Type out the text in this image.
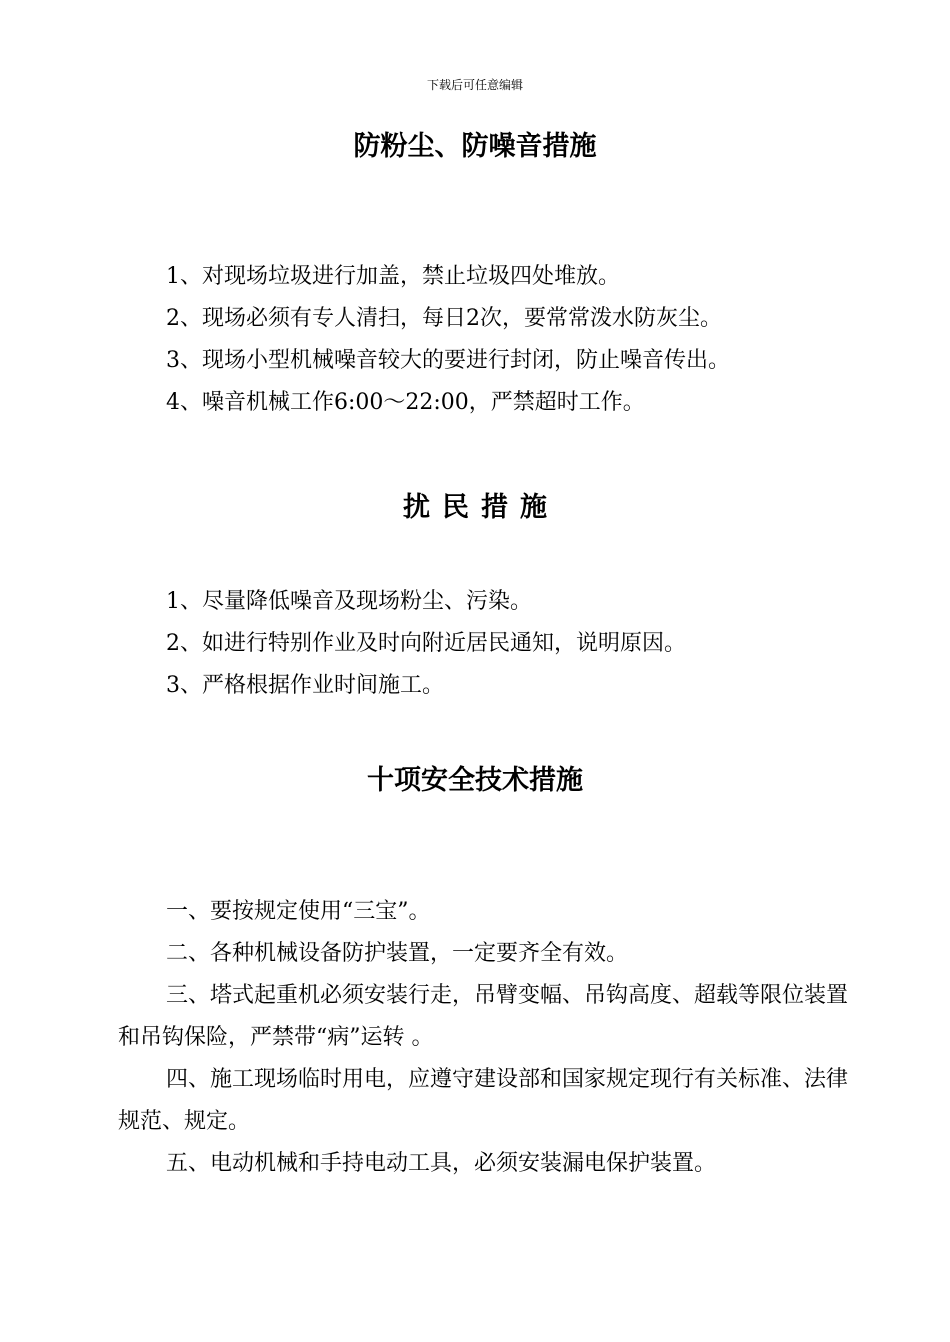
下载后可任意编辑
防粉尘、防噪音措施
1、对现场垃圾进行加盖，禁止垃圾四处堆放。
2、现场必须有专人清扫，每日2次，要常常泼水防灰尘。
3、现场小型机械噪音较大的要进行封闭，防止噪音传出。
4、噪音机械工作6:00～22:00，严禁超时工作。
扰民措施
1、尽量降低噪音及现场粉尘、污染。
2、如进行特别作业及时向附近居民通知，说明原因。
3、严格根据作业时间施工。
十项安全技术措施

一、要按规定使用“三宝”。

二、各种机械设备防护装置，一定要齐全有效。

三、塔式起重机必须安装行走，吊臂变幅、吊钩高度、超载等限位装置和吊钩保险，严禁带“病”运转 。

四、施工现场临时用电，应遵守建设部和国家规定现行有关标准、法律规范、规定。

五、电动机械和手持电动工具，必须安装漏电保护装置。
